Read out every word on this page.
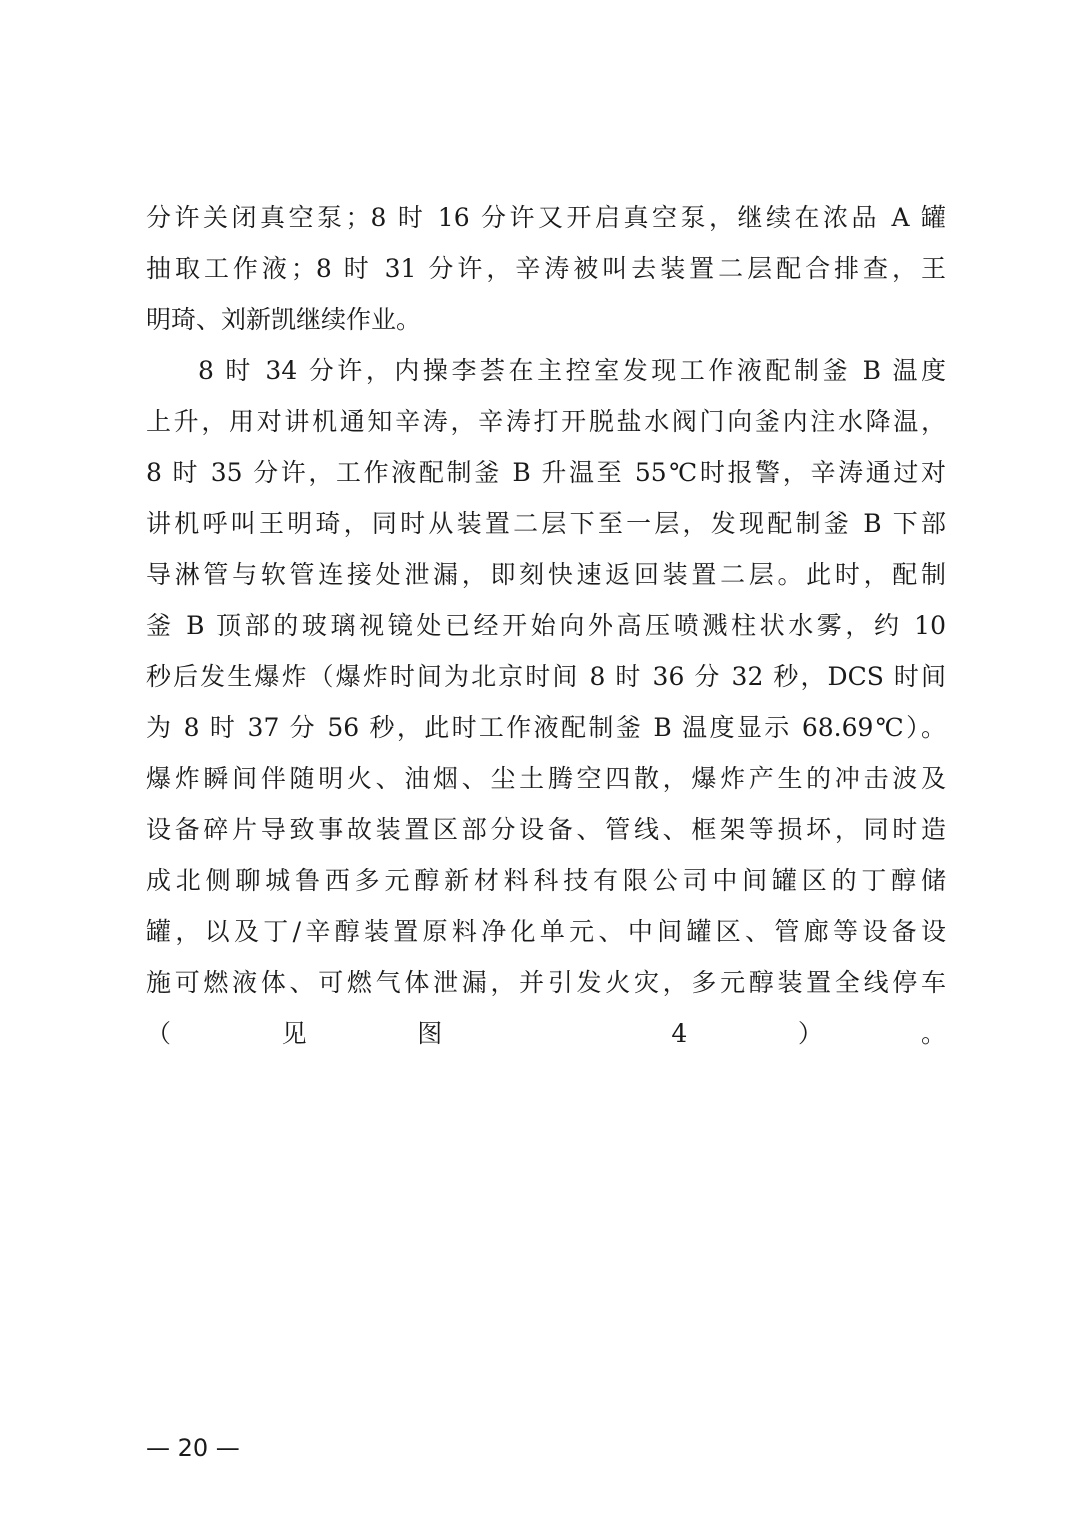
分许关闭真空泵；8 时 16 分许又开启真空泵，继续在浓品 A 罐
抽取工作液；8 时 31 分许，辛涛被叫去装置二层配合排查，王
明琦、刘新凯继续作业。
8 时 34 分许，内操李荟在主控室发现工作液配制釜 B 温度
上升，用对讲机通知辛涛，辛涛打开脱盐水阀门向釜内注水降温，
8 时 35 分许，工作液配制釜 B 升温至 55℃时报警，辛涛通过对
讲机呼叫王明琦，同时从装置二层下至一层，发现配制釜 B 下部
导淋管与软管连接处泄漏，即刻快速返回装置二层。此时，配制
釜 B 顶部的玻璃视镜处已经开始向外高压喷溅柱状水雾，约 10
秒后发生爆炸（爆炸时间为北京时间 8 时 36 分 32 秒，DCS 时间
为 8 时 37 分 56 秒，此时工作液配制釜 B 温度显示 68.69℃）。
爆炸瞬间伴随明火、油烟、尘土腾空四散，爆炸产生的冲击波及
设备碎片导致事故装置区部分设备、管线、框架等损坏，同时造
成北侧聊城鲁西多元醇新材料科技有限公司中间罐区的丁醇储
罐，以及丁/辛醇装置原料净化单元、中间罐区、管廊等设备设
施可燃液体、可燃气体泄漏，并引发火灾，多元醇装置全线停车
（见图 4）。
— 20 —
